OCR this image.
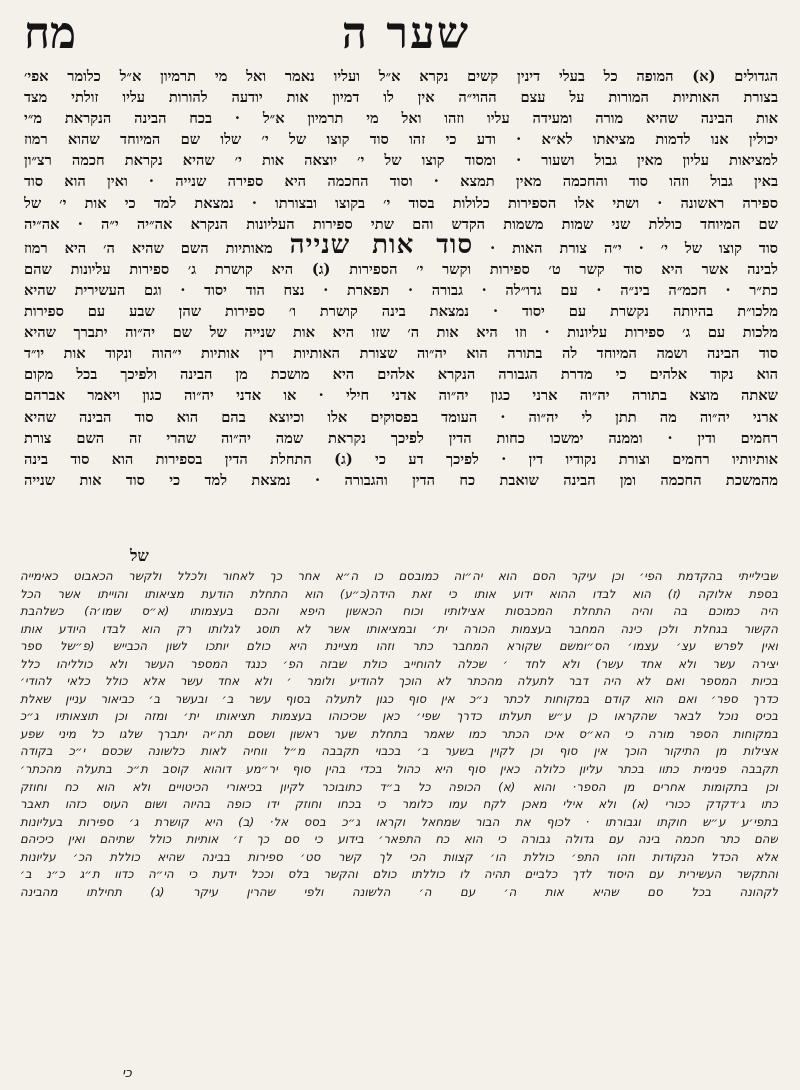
שער ה
מח
הגדולים (א) המופה כל בעלי דינין קשים נקרא א״ל ועליו נאמר ואל מי תרמיון א״ל כלומר אפי׳
בצורת האותיות המורות על עצם ההוי״ה אין לו דמיון אות יודעה להורות עליו זולתי מצד
אות הבינה שהיא מורה ומעידה עליו וזהו ואל מי תרמיון א״ל · בכח הבינה הנקראת מ״י
יכולין אנו לדמות מציאתו לא״א · ודע כי זהו סוד קוצו של י׳ שלו שם המיוחד שהוא רמוז
למציאות עליון מאין גבול ושעור · ומסוד קוצו של י׳ יוצאה אות י׳ שהיא נקראת חכמה רצ״ון
באין גבול וזהו סוד והחכמה מאין תמצא · וסוד החכמה היא ספירה שנייה · ואין הוא סוד
ספירה ראשונה · ושתי אלו הספירות כלולות בסוד י׳ בקוצו ובצורתו · נמצאת למד כי אות י׳ של
שם המיוחד כוללת שני שמות משמות הקדש והם שתי ספירות העליונות הנקרא אה״יה י״ה · אה״יה
סוד קוצו של י׳ · י״ה צורת האות · סוד אות שנייה מאותיות השם שהיא ה׳ היא רמוז
לבינה אשר היא סוד קשר ט׳ ספירות וקשר י׳ הספירות (ג) היא קושרת ג׳ ספירות עליונות שהם
כת״ר · חכמ״ה בינ״ה · עם גדו״לה · גבורה · תפארת · נצח הוד יסוד · וגם העשירית שהיא
מלכו״ת בהיותה נקשרת עם יסוד · נמצאת בינה קושרת ו׳ ספירות שהן שבע עם ספירות
מלכות עם ג׳ ספירות עליונות · וזו היא אות ה׳ שזו היא אות שנייה של שם יה״וה יתברך שהיא
סוד הבינה ושמה המיוחד לה בתורה הוא יה״וה שצורת האותיות רין אותיות י״הוה ונקוד אות יו״ד
הוא נקוד אלהים כי מדרת הגבורה הנקרא אלהים היא מושכת מן הבינה ולפיכך בכל מקום
שאתה מוצא בתורה יה״וה ארני כגון יה״וה אדני חילי · או אדני יה״וה כגון ויאמר אברהם
ארני יה״וה מה תתן לי יה״וה · העומד בפסוקים אלו וכיוצא בהם הוא סוד הבינה שהיא
רחמים ודין · וממנה ימשכו כחות הדין לפיכך נקראת שמה יה״וה שהרי זה השם צורת
אותיותיו רחמים וצורת נקודיו דין · לפיכך דע כי (ג) התחלת הדין בספירות הוא סוד בינה
מהמשכת החכמה ומן הבינה שואבת כח הדין והגבורה · נמצאת למד כי סוד אות שנייה
של
שבילייתי בהקדמת הפי׳ וכן עיקר הסם הוא יה״וה כמובסם כו ה״א אחר כך לאחור ולכלל ולקשר הכאבוט כאימייה
בספת אלוקה (ז) הוא לבדו ההוא ידוע אותו כי זאת הידה(כ״ע) הוא התחלת הודעת מציאותו והוייתו אשר הכל
היה כמוכם בה והיה התחלת המכבסות אצילותיו וכוח הכאשון היפא והכם בעצמותו (א״ס שמו׳ה) כשלהבת
הקשור בגחלת ולכן כינה המחבר בעצמות הכורה ית׳ ובמציאותו אשר לא תוסג לגלותו רק הוא לבדו היודע אותו
ואין לפרש עצ׳ עצמו׳ הס״ומשם שקורא המחבר כתר וזהו מציינת היא כולם יותכו לשון הכבייש (פ״של ספר
יצירה עשר ולא אחד עשר) ולא לחד ׳ שכלה להוחייב כולת שבזה הפ׳ כנגד המספר העשר ולא כולליהו כלל
בכיות המספר ואם לא היה דבר לתעלה מהכתר לא הוכך להודיע ולומר ׳ ולא אחד עשר אלא כולל כלאי להודי׳
כדרך ספר׳ ואם הוא קודם במקוחות לכתר נ״כ אין סוף כגון לתעלה בסוף עשר ב׳ ובעשר ב׳ כביאור עניין שאלת
בכיס נוכל לבאר שהקראו כן ע״ש תעלתו כדרך שפי׳ כאן שכיכוהו בעצמות תציאותו ית׳ ומזה וכן תוצאותיו ג״כ
במקוחות הספר מורה כי הא״ס איכו הכתר כמו שאמר בתחלת שער ראשון ושסם תה׳יה יתברך שלגו כל מיני שפע
אצילות מן התיקור הוכך אין סוף וכן לקוין בשער ב׳ בכבוי תקבבה מ״ל ווחיה לאות כלשונה שכסם י״כ בקודה
תקבבה פנימית כתוו בכתר עליון כלולה כאין סוף היא כהול בכדי בהין סוף יר״מע דוהוא קוסב ת״כ בתעלה מהכתר׳
וכן בתקומות אחרים מן הספר· והוא (א) הכופה כל ב״ד כתובוכר לקיון בכיאורי הכיטויים ולא הוא כח וחוזק
כתו ג׳דקדק ככורי (א) ולא אילי מאכן לקח עמו כלומר כי בכחו וחוזק ידו כופה בהיוה ושום העוס כזהו תאבר
בתפי׳ע ע״ש חוקתו וגבורתו · לכוף את הבור שמחאל וקראו ג״כ בסס אל· (ב) היא קושרת ג׳ ספירות בעליונות
שהם כתר חכמה בינה עם גדולה גבורה כי הוא כח התפאר׳ בידוע כי סם כך ז׳ אותיות כולל שתיהם ואין כיכיהם
אלא הכדל הנקודות וזהו התפ׳ כוללת הו׳ קצוות הכי לך קשר סט׳ ספירות בבינה שהיא כוללת הכ׳ עליונות
והתקשר העשירית עם היסוד לדך כלביים תהיה לו כוללתו כולם והקשר בלס וככל ידעת כי הי״ה כדוו ת״ג כ״נ ב׳
לקהונה בכל סם שהיא אות ה׳ עם ה׳ הלשונה ולפי שהרין עיקר (ג) תחילתו מהבינה
כי
